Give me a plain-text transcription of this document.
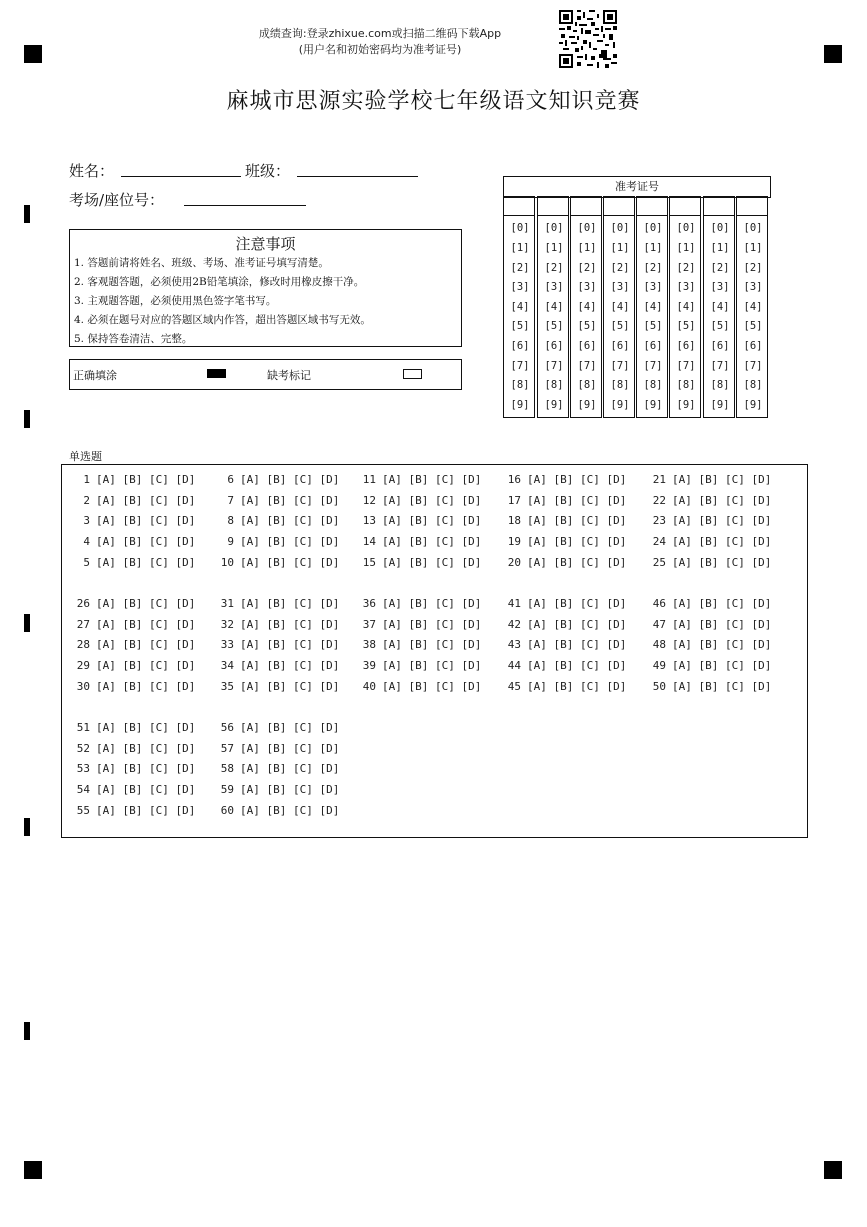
成绩查询:登录zhixue.com或扫描二维码下载App
(用户名和初始密码均为准考证号)
麻城市思源实验学校七年级语文知识竞赛
姓名：	班级：
考场/座位号：
注意事项
1. 答题前请将姓名、班级、考场、准考证号填写清楚。
2. 客观题答题，必须使用2B铅笔填涂，修改时用橡皮擦干净。
3. 主观题答题，必须使用黑色签字笔书写。
4. 必须在题号对应的答题区域内作答，超出答题区域书写无效。
5. 保持答卷清洁、完整。
正确填涂	缺考标记
准考证号
[0]
[1]
[2]
[3]
[4]
[5]
[6]
[7]
[8]
[9]
[0]
[1]
[2]
[3]
[4]
[5]
[6]
[7]
[8]
[9]
[0]
[1]
[2]
[3]
[4]
[5]
[6]
[7]
[8]
[9]
[0]
[1]
[2]
[3]
[4]
[5]
[6]
[7]
[8]
[9]
[0]
[1]
[2]
[3]
[4]
[5]
[6]
[7]
[8]
[9]
[0]
[1]
[2]
[3]
[4]
[5]
[6]
[7]
[8]
[9]
[0]
[1]
[2]
[3]
[4]
[5]
[6]
[7]
[8]
[9]
[0]
[1]
[2]
[3]
[4]
[5]
[6]
[7]
[8]
[9]
单选题
1 [A] [B] [C] [D]
2 [A] [B] [C] [D]
3 [A] [B] [C] [D]
4 [A] [B] [C] [D]
5 [A] [B] [C] [D]
6 [A] [B] [C] [D]
7 [A] [B] [C] [D]
8 [A] [B] [C] [D]
9 [A] [B] [C] [D]
10 [A] [B] [C] [D]
11 [A] [B] [C] [D]
12 [A] [B] [C] [D]
13 [A] [B] [C] [D]
14 [A] [B] [C] [D]
15 [A] [B] [C] [D]
16 [A] [B] [C] [D]
17 [A] [B] [C] [D]
18 [A] [B] [C] [D]
19 [A] [B] [C] [D]
20 [A] [B] [C] [D]
21 [A] [B] [C] [D]
22 [A] [B] [C] [D]
23 [A] [B] [C] [D]
24 [A] [B] [C] [D]
25 [A] [B] [C] [D]
26 [A] [B] [C] [D]
27 [A] [B] [C] [D]
28 [A] [B] [C] [D]
29 [A] [B] [C] [D]
30 [A] [B] [C] [D]
31 [A] [B] [C] [D]
32 [A] [B] [C] [D]
33 [A] [B] [C] [D]
34 [A] [B] [C] [D]
35 [A] [B] [C] [D]
36 [A] [B] [C] [D]
37 [A] [B] [C] [D]
38 [A] [B] [C] [D]
39 [A] [B] [C] [D]
40 [A] [B] [C] [D]
41 [A] [B] [C] [D]
42 [A] [B] [C] [D]
43 [A] [B] [C] [D]
44 [A] [B] [C] [D]
45 [A] [B] [C] [D]
46 [A] [B] [C] [D]
47 [A] [B] [C] [D]
48 [A] [B] [C] [D]
49 [A] [B] [C] [D]
50 [A] [B] [C] [D]
51 [A] [B] [C] [D]
52 [A] [B] [C] [D]
53 [A] [B] [C] [D]
54 [A] [B] [C] [D]
55 [A] [B] [C] [D]
56 [A] [B] [C] [D]
57 [A] [B] [C] [D]
58 [A] [B] [C] [D]
59 [A] [B] [C] [D]
60 [A] [B] [C] [D]
